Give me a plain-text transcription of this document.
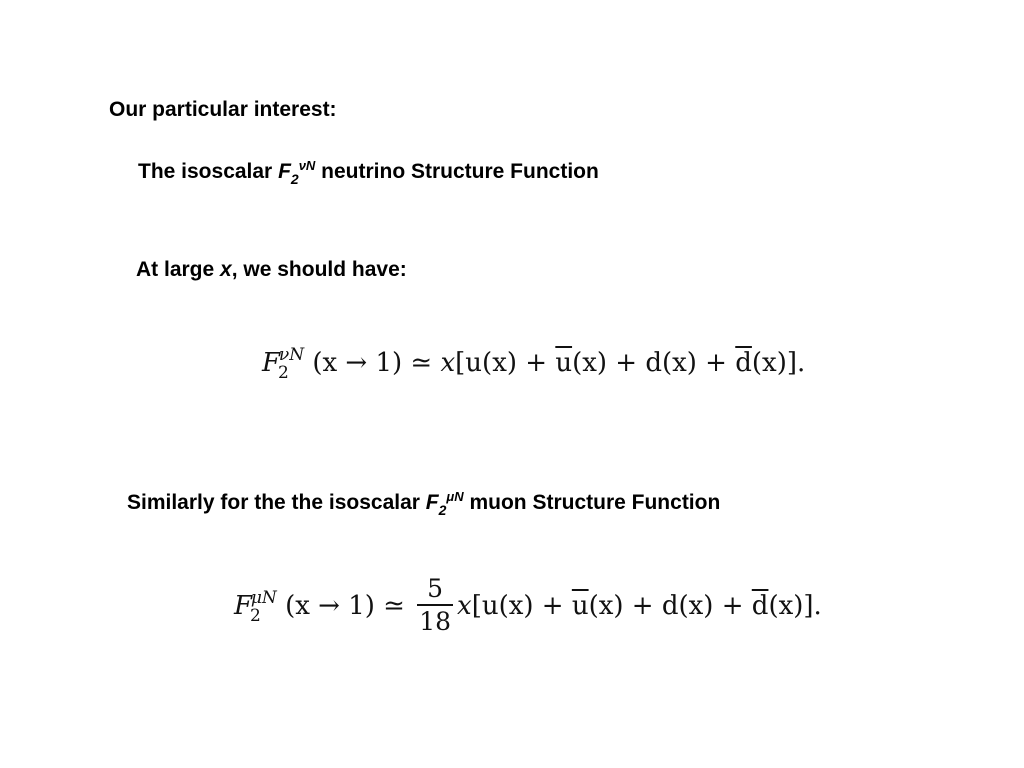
Our particular interest:
The isoscalar $F_2^{\nu N}$ neutrino Structure Function
At large x, we should have:
$F_2^{\nu N}$ (x → 1) ≃ $x[u(x) + \overline{u}(x) + d(x) + \overline{d}(x)]$.
Similarly for the the isoscalar $F_2^{\mu N}$ muon Structure Function
$F_2^{\mu N}$ (x → 1) ≃ $\frac{5}{18} x[u(x) + \overline{u}(x) + d(x) + \overline{d}(x)]$.
